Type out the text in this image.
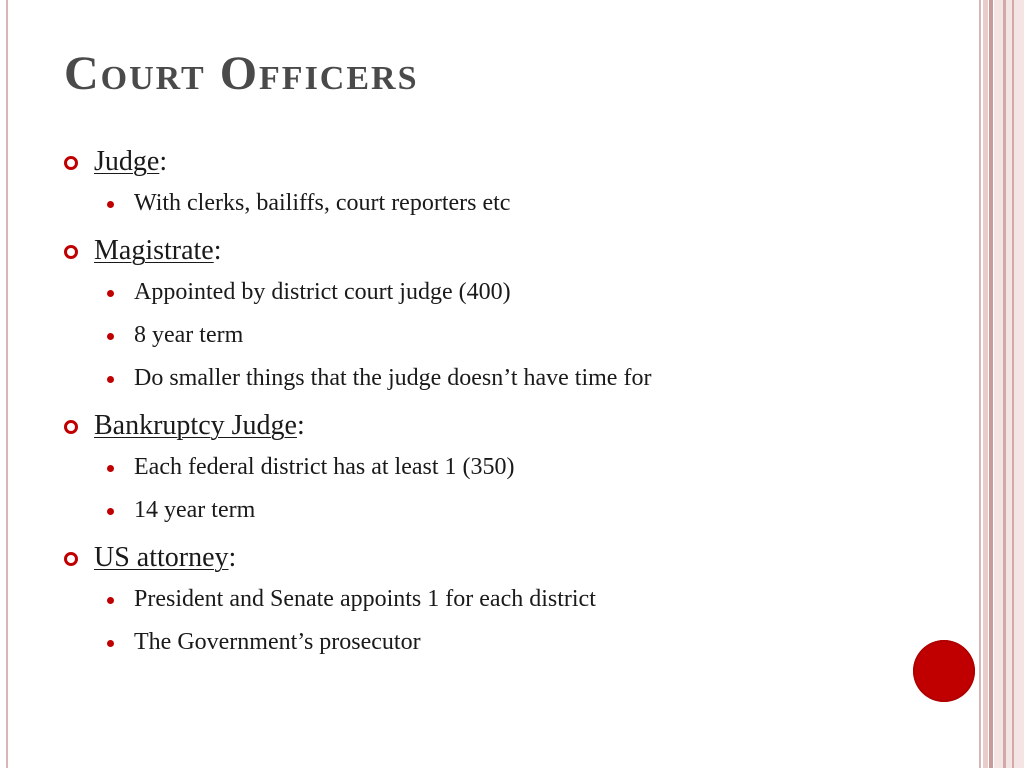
Court Officers
Judge:
With clerks, bailiffs, court reporters etc
Magistrate:
Appointed by district court judge (400)
8 year term
Do smaller things that the judge doesn’t have time for
Bankruptcy Judge:
Each federal district has at least 1 (350)
14 year term
US attorney:
President and Senate appoints 1 for each district
The Government’s prosecutor
